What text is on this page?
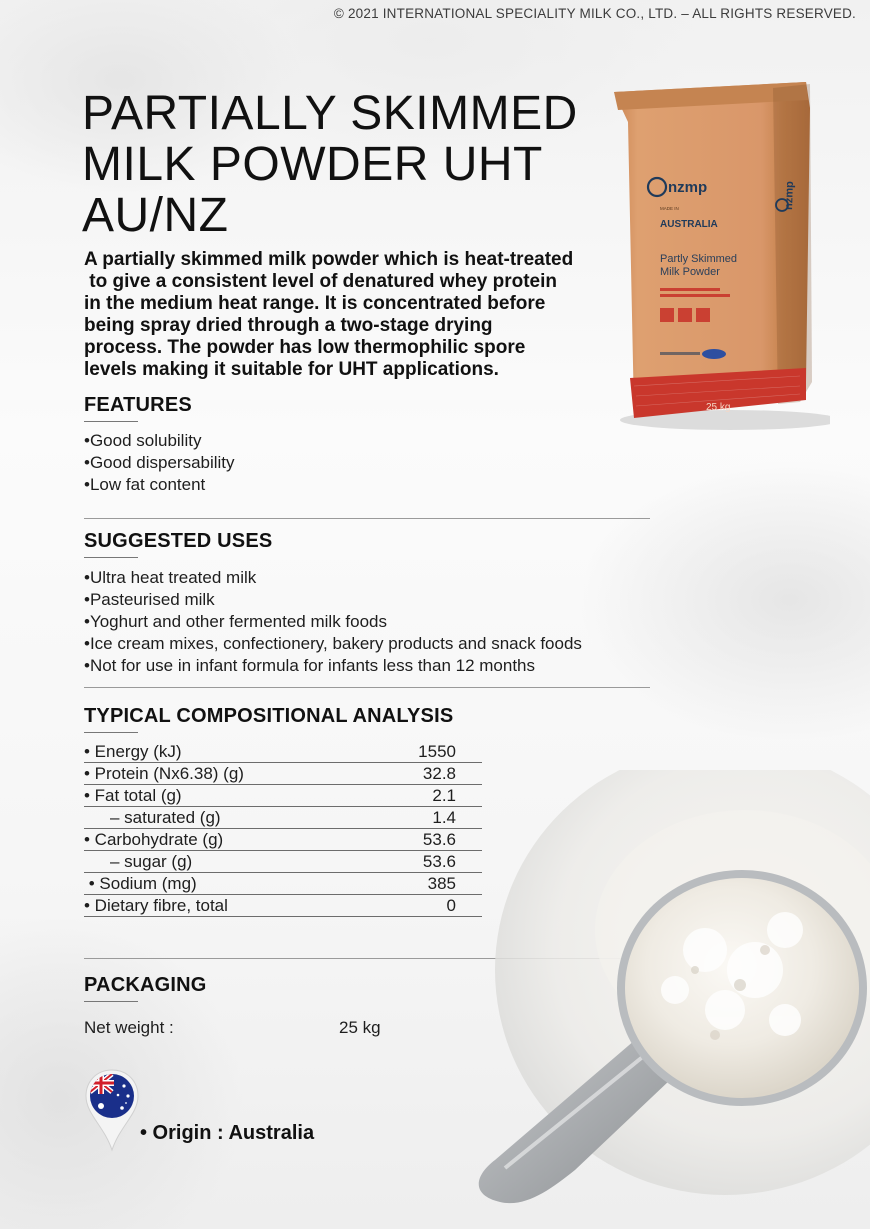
© 2021 INTERNATIONAL SPECIALITY MILK CO., LTD. – ALL RIGHTS RESERVED.
PARTIALLY SKIMMED
MILK POWDER UHT
AU/NZ
A partially skimmed milk powder which is heat-treated
to give a consistent level of denatured whey protein
in the medium heat range. It is concentrated before
being spray dried through a two-stage drying
process. The powder has low thermophilic spore
levels making it suitable for UHT applications.
nzmp
MADE IN
AUSTRALIA
Partly Skimmed
Milk Powder
nzmp
25 kg
FEATURES
• Good solubility
• Good dispersability
• Low fat content
SUGGESTED USES
• Ultra heat treated milk
• Pasteurised milk
• Yoghurt and other fermented milk foods
• Ice cream mixes, confectionery, bakery products and snack foods
• Not for use in infant formula for infants less than 12 months
TYPICAL COMPOSITIONAL ANALYSIS
• Energy (kJ)	1550
• Protein (Nx6.38) (g)	32.8
• Fat total (g)	2.1
– saturated (g)	1.4
• Carbohydrate (g)	53.6
– sugar (g)	53.6
• Sodium (mg)	385
• Dietary fibre, total	0
PACKAGING
Net weight :	25 kg
• Origin : Australia
